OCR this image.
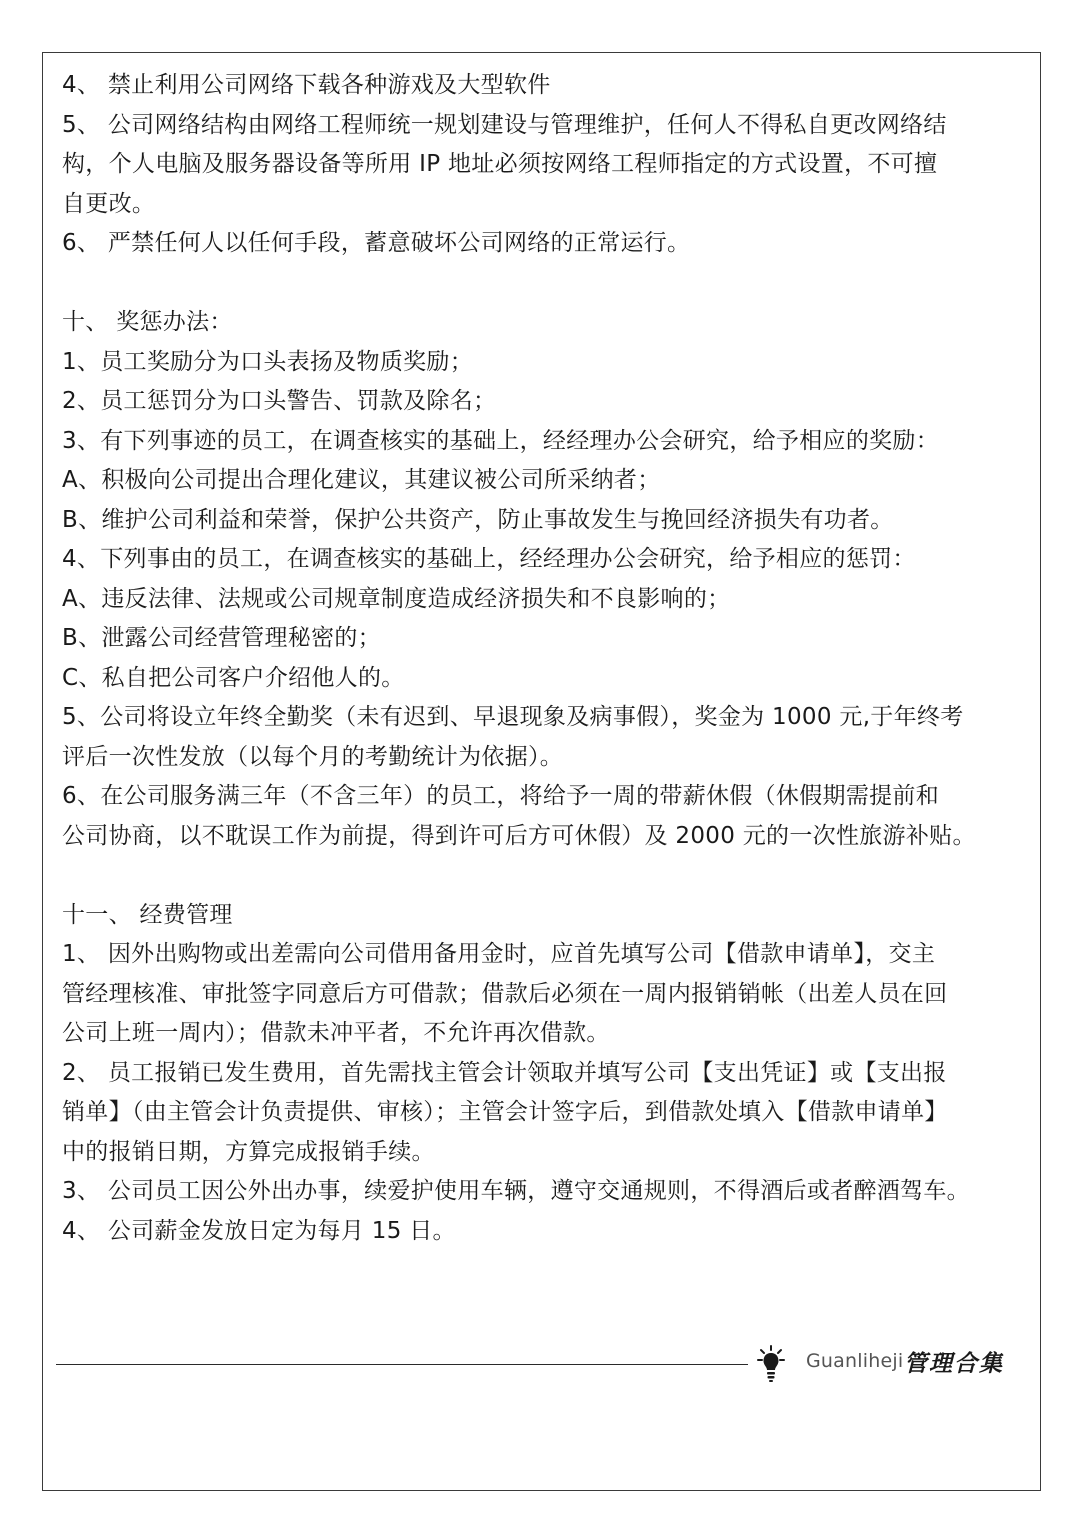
4、 禁止利用公司网络下载各种游戏及大型软件

5、 公司网络结构由网络工程师统一规划建设与管理维护，任何人不得私自更改网络结

构，个人电脑及服务器设备等所用 IP 地址必须按网络工程师指定的方式设置，不可擅

自更改。

6、 严禁任何人以任何手段，蓄意破坏公司网络的正常运行。

十、 奖惩办法：

1、员工奖励分为口头表扬及物质奖励；

2、员工惩罚分为口头警告、罚款及除名；

3、有下列事迹的员工，在调查核实的基础上，经经理办公会研究，给予相应的奖励：

A、积极向公司提出合理化建议，其建议被公司所采纳者；

B、维护公司利益和荣誉，保护公共资产，防止事故发生与挽回经济损失有功者。

4、下列事由的员工，在调查核实的基础上，经经理办公会研究，给予相应的惩罚：

A、违反法律、法规或公司规章制度造成经济损失和不良影响的；

B、泄露公司经营管理秘密的；

C、私自把公司客户介绍他人的。

5、公司将设立年终全勤奖（未有迟到、早退现象及病事假），奖金为 1000 元,于年终考

评后一次性发放（以每个月的考勤统计为依据）。

6、在公司服务满三年（不含三年）的员工，将给予一周的带薪休假（休假期需提前和

公司协商，以不耽误工作为前提，得到许可后方可休假）及 2000 元的一次性旅游补贴。

十一、 经费管理

1、 因外出购物或出差需向公司借用备用金时，应首先填写公司【借款申请单】，交主

管经理核准、审批签字同意后方可借款；借款后必须在一周内报销销帐（出差人员在回

公司上班一周内）；借款未冲平者，不允许再次借款。

2、 员工报销已发生费用，首先需找主管会计领取并填写公司【支出凭证】或【支出报

销单】（由主管会计负责提供、审核）；主管会计签字后，到借款处填入【借款申请单】

中的报销日期，方算完成报销手续。

3、 公司员工因公外出办事，续爱护使用车辆，遵守交通规则，不得酒后或者醉酒驾车。

4、 公司薪金发放日定为每月 15 日。

Guanliheji 管理合集
